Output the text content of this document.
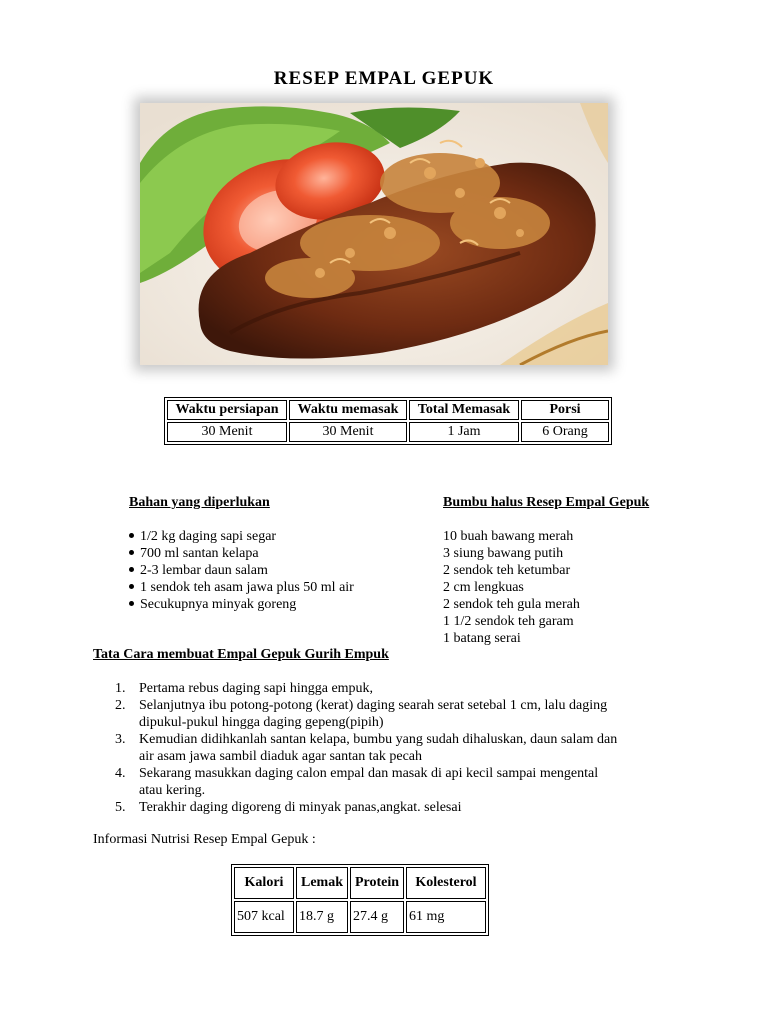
RESEP EMPAL GEPUK
Waktu persiapan	Waktu memasak	Total Memasak	Porsi
30 Menit	30 Menit	1 Jam	6 Orang
Bahan yang diperlukan
1/2 kg daging sapi segar
700 ml santan kelapa
2-3 lembar daun salam
1 sendok teh asam jawa plus 50 ml air
Secukupnya minyak goreng
Bumbu halus Resep Empal Gepuk
10 buah bawang merah
3 siung bawang putih
2 sendok teh ketumbar
2 cm lengkuas
2 sendok teh gula merah
1 1/2 sendok teh garam
1 batang serai
Tata Cara membuat Empal Gepuk Gurih Empuk
1. Pertama rebus daging sapi hingga empuk,
2. Selanjutnya ibu potong-potong (kerat) daging searah serat setebal 1 cm, lalu daging
dipukul-pukul hingga daging gepeng(pipih)
3. Kemudian didihkanlah santan kelapa, bumbu yang sudah dihaluskan, daun salam dan
air asam jawa sambil diaduk agar santan tak pecah
4. Sekarang masukkan daging calon empal dan masak di api kecil sampai mengental
atau kering.
5. Terakhir daging digoreng di minyak panas,angkat. selesai
Informasi Nutrisi Resep Empal Gepuk :
Kalori	Lemak	Protein	Kolesterol
507 kcal	18.7 g	27.4 g	61 mg
